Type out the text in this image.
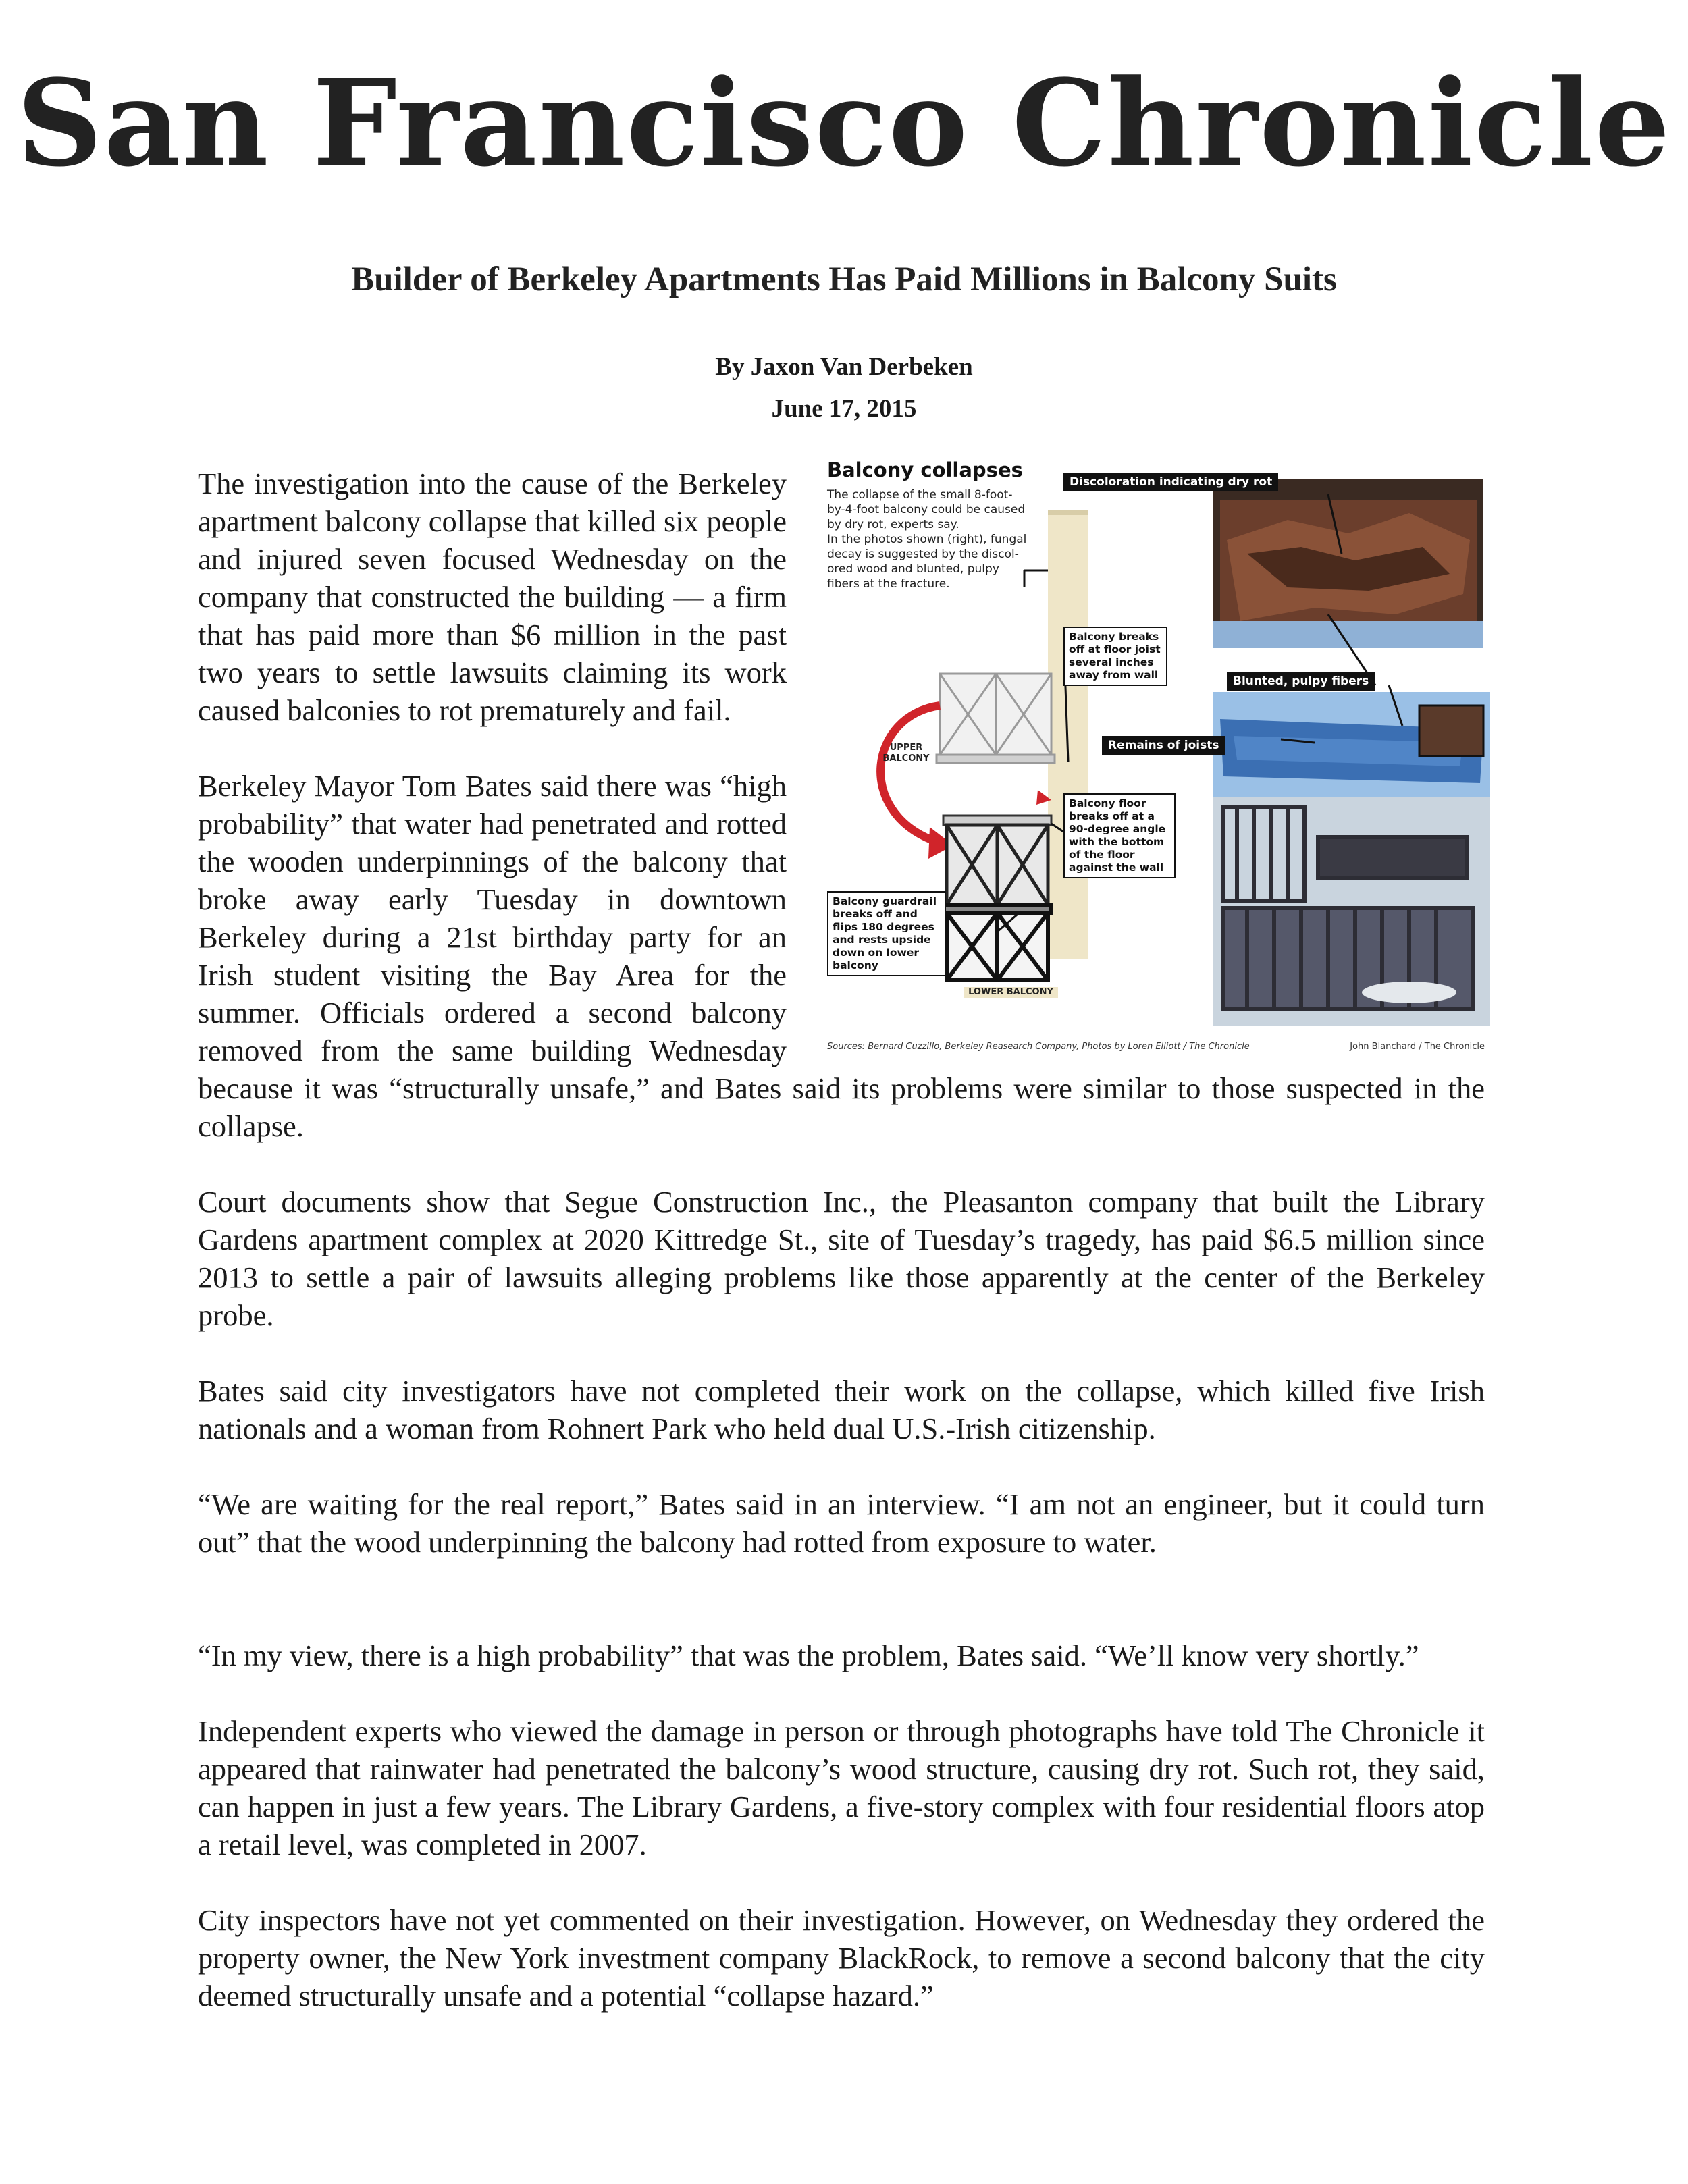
San Francisco Chronicle
Builder of Berkeley Apartments Has Paid Millions in Balcony Suits
By Jaxon Van Derbeken
June 17, 2015
Balcony collapses
The collapse of the small 8-foot-by-4-foot balcony could be caused by dry rot, experts say.
In the photos shown (right), fungal decay is suggested by the discol-ored wood and blunted, pulpy fibers at the fracture.
Discoloration indicating dry rot
Blunted, pulpy fibers
Remains of joists
Balcony breaks off at floor joist several inches away from wall
Balcony floor breaks off at a 90-degree angle with the bottom of the floor against the wall
Balcony guardrail breaks off and flips 180 degrees and rests upside down on lower balcony
UPPER BALCONY
LOWER BALCONY
Sources: Bernard Cuzzillo, Berkeley Reasearch Company, Photos by Loren Elliott / The Chronicle	John Blanchard / The Chronicle

The investigation into the cause of the Berkeley apartment balcony collapse that killed six people and injured seven focused Wednesday on the company that constructed the building — a firm that has paid more than $6 million in the past two years to settle lawsuits claiming its work caused balconies to rot prematurely and fail.

Berkeley Mayor Tom Bates said there was “high probability” that water had penetrated and rotted the wooden underpinnings of the balcony that broke away early Tuesday in downtown Berkeley during a 21st birthday party for an Irish student visiting the Bay Area for the summer. Officials ordered a second balcony removed from the same building Wednesday because it was “structurally unsafe,” and Bates said its problems were similar to those suspected in the collapse.

Court documents show that Segue Construction Inc., the Pleasanton company that built the Library Gardens apartment complex at 2020 Kittredge St., site of Tuesday’s tragedy, has paid $6.5 million since 2013 to settle a pair of lawsuits alleging problems like those apparently at the center of the Berkeley probe.

Bates said city investigators have not completed their work on the collapse, which killed five Irish nationals and a woman from Rohnert Park who held dual U.S.-Irish citizenship.

“We are waiting for the real report,” Bates said in an interview. “I am not an engineer, but it could turn out” that the wood underpinning the balcony had rotted from exposure to water.

“In my view, there is a high probability” that was the problem, Bates said. “We’ll know very shortly.”

Independent experts who viewed the damage in person or through photographs have told The Chronicle it appeared that rainwater had penetrated the balcony’s wood structure, causing dry rot. Such rot, they said, can happen in just a few years. The Library Gardens, a five-story complex with four residential floors atop a retail level, was completed in 2007.

City inspectors have not yet commented on their investigation. However, on Wednesday they ordered the property owner, the New York investment company BlackRock, to remove a second balcony that the city deemed structurally unsafe and a potential “collapse hazard.”
